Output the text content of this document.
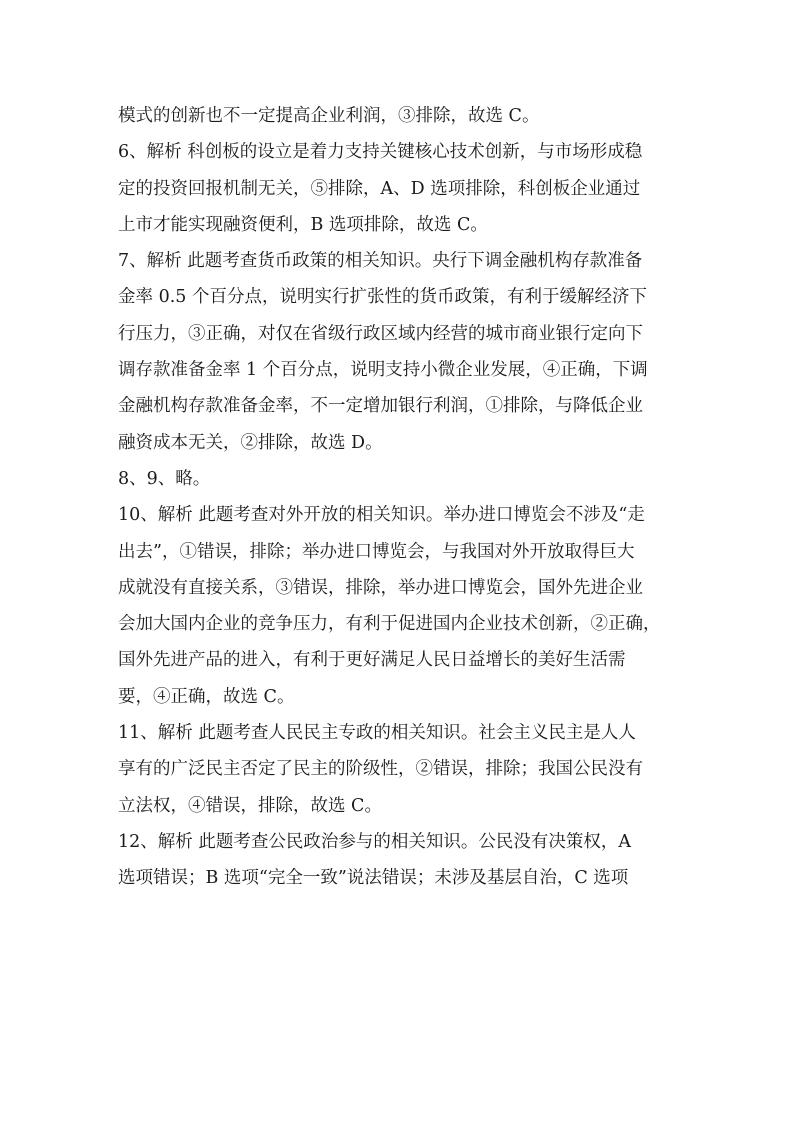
模式的创新也不一定提高企业利润，③排除，故选 C。
6、解析 科创板的设立是着力支持关键核心技术创新，与市场形成稳
定的投资回报机制无关，⑤排除，A、D 选项排除，科创板企业通过
上市才能实现融资便利，B 选项排除，故选 C。
7、解析 此题考查货币政策的相关知识。央行下调金融机构存款准备
金率 0.5 个百分点，说明实行扩张性的货币政策，有利于缓解经济下
行压力，③正确，对仅在省级行政区域内经营的城市商业银行定向下
调存款准备金率 1 个百分点，说明支持小微企业发展，④正确，下调
金融机构存款准备金率，不一定增加银行利润，①排除，与降低企业
融资成本无关，②排除，故选 D。
8、9、略。
10、解析 此题考查对外开放的相关知识。举办进口博览会不涉及“走
出去”，①错误，排除；举办进口博览会，与我国对外开放取得巨大
成就没有直接关系，③错误，排除，举办进口博览会，国外先进企业
会加大国内企业的竞争压力，有利于促进国内企业技术创新，②正确，
国外先进产品的进入，有利于更好满足人民日益增长的美好生活需
要，④正确，故选 C。
11、解析 此题考查人民民主专政的相关知识。社会主义民主是人人
享有的广泛民主否定了民主的阶级性，②错误，排除；我国公民没有
立法权，④错误，排除，故选 C。
12、解析 此题考查公民政治参与的相关知识。公民没有决策权，A
选项错误；B 选项“完全一致”说法错误；未涉及基层自治，C 选项
